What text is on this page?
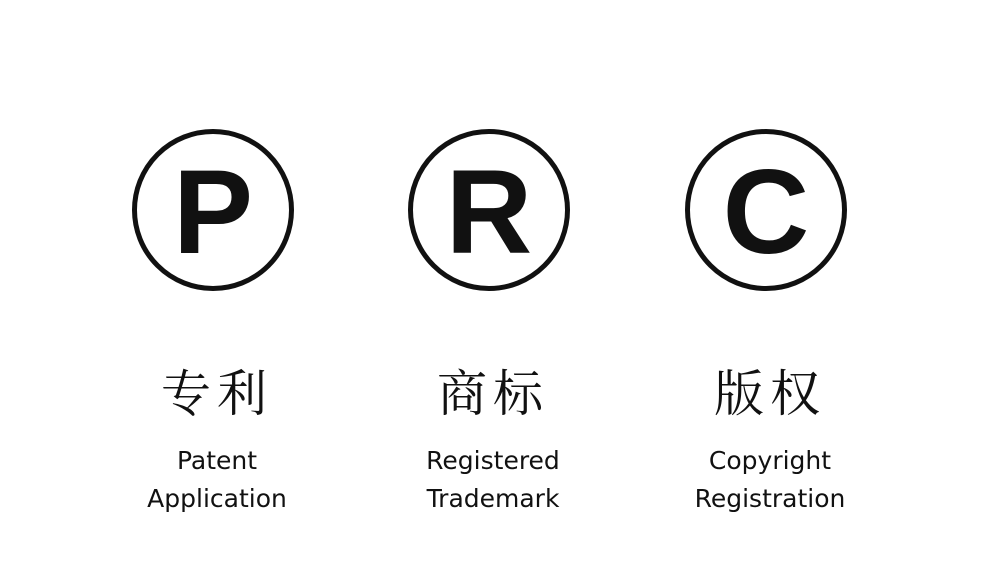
P
专利
Patent
Application
R
商标
Registered
Trademark
C
版权
Copyright
Registration
